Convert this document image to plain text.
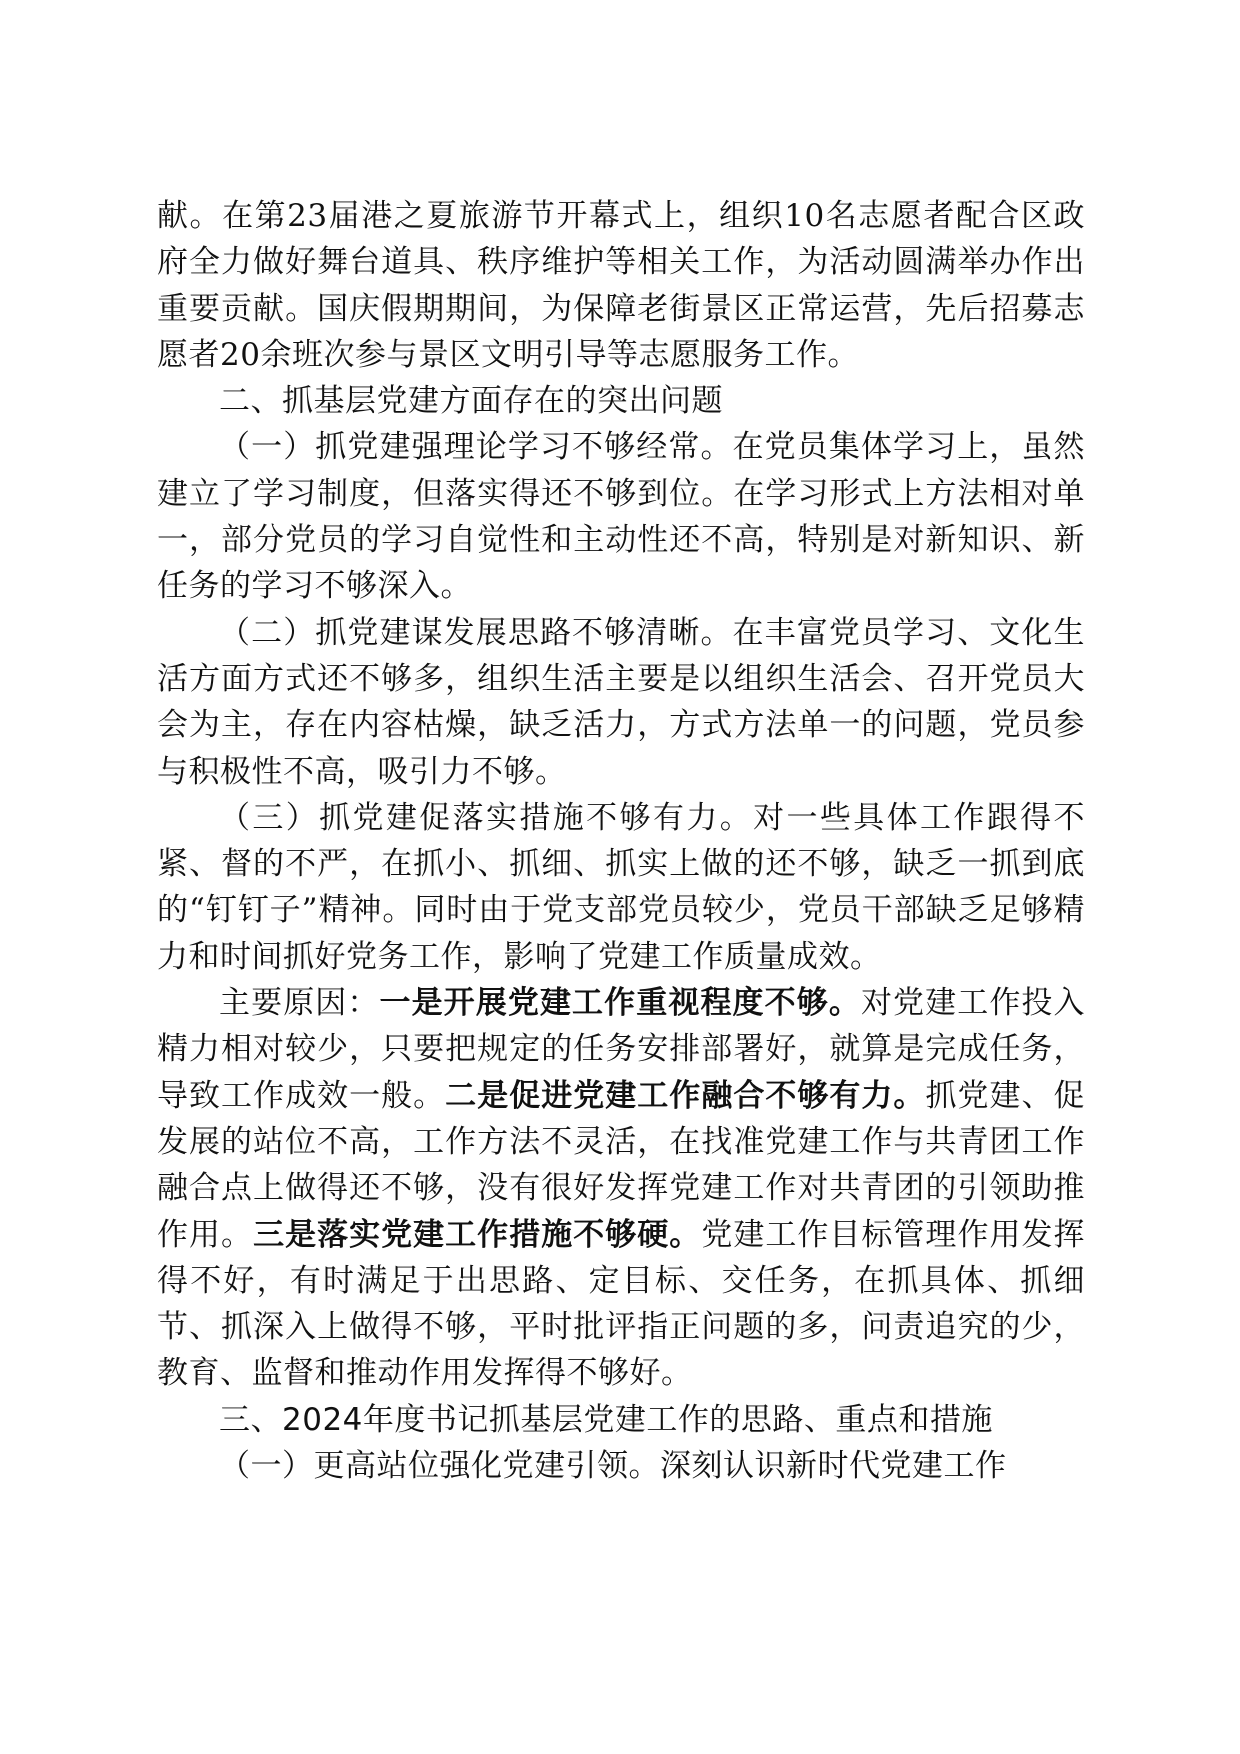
献。在第23届港之夏旅游节开幕式上，组织10名志愿者配合区政府全力做好舞台道具、秩序维护等相关工作，为活动圆满举办作出重要贡献。国庆假期期间，为保障老街景区正常运营，先后招募志愿者20余班次参与景区文明引导等志愿服务工作。

二、抓基层党建方面存在的突出问题

（一）抓党建强理论学习不够经常。在党员集体学习上，虽然建立了学习制度，但落实得还不够到位。在学习形式上方法相对单一，部分党员的学习自觉性和主动性还不高，特别是对新知识、新任务的学习不够深入。

（二）抓党建谋发展思路不够清晰。在丰富党员学习、文化生活方面方式还不够多，组织生活主要是以组织生活会、召开党员大会为主，存在内容枯燥，缺乏活力，方式方法单一的问题，党员参与积极性不高，吸引力不够。

（三）抓党建促落实措施不够有力。对一些具体工作跟得不紧、督的不严，在抓小、抓细、抓实上做的还不够，缺乏一抓到底的“钉钉子”精神。同时由于党支部党员较少，党员干部缺乏足够精力和时间抓好党务工作，影响了党建工作质量成效。

主要原因：一是开展党建工作重视程度不够。对党建工作投入精力相对较少，只要把规定的任务安排部署好，就算是完成任务，导致工作成效一般。二是促进党建工作融合不够有力。抓党建、促发展的站位不高，工作方法不灵活，在找准党建工作与共青团工作融合点上做得还不够，没有很好发挥党建工作对共青团的引领助推作用。三是落实党建工作措施不够硬。党建工作目标管理作用发挥得不好，有时满足于出思路、定目标、交任务，在抓具体、抓细节、抓深入上做得不够，平时批评指正问题的多，问责追究的少，教育、监督和推动作用发挥得不够好。

三、2024年度书记抓基层党建工作的思路、重点和措施

（一）更高站位强化党建引领。深刻认识新时代党建工作
